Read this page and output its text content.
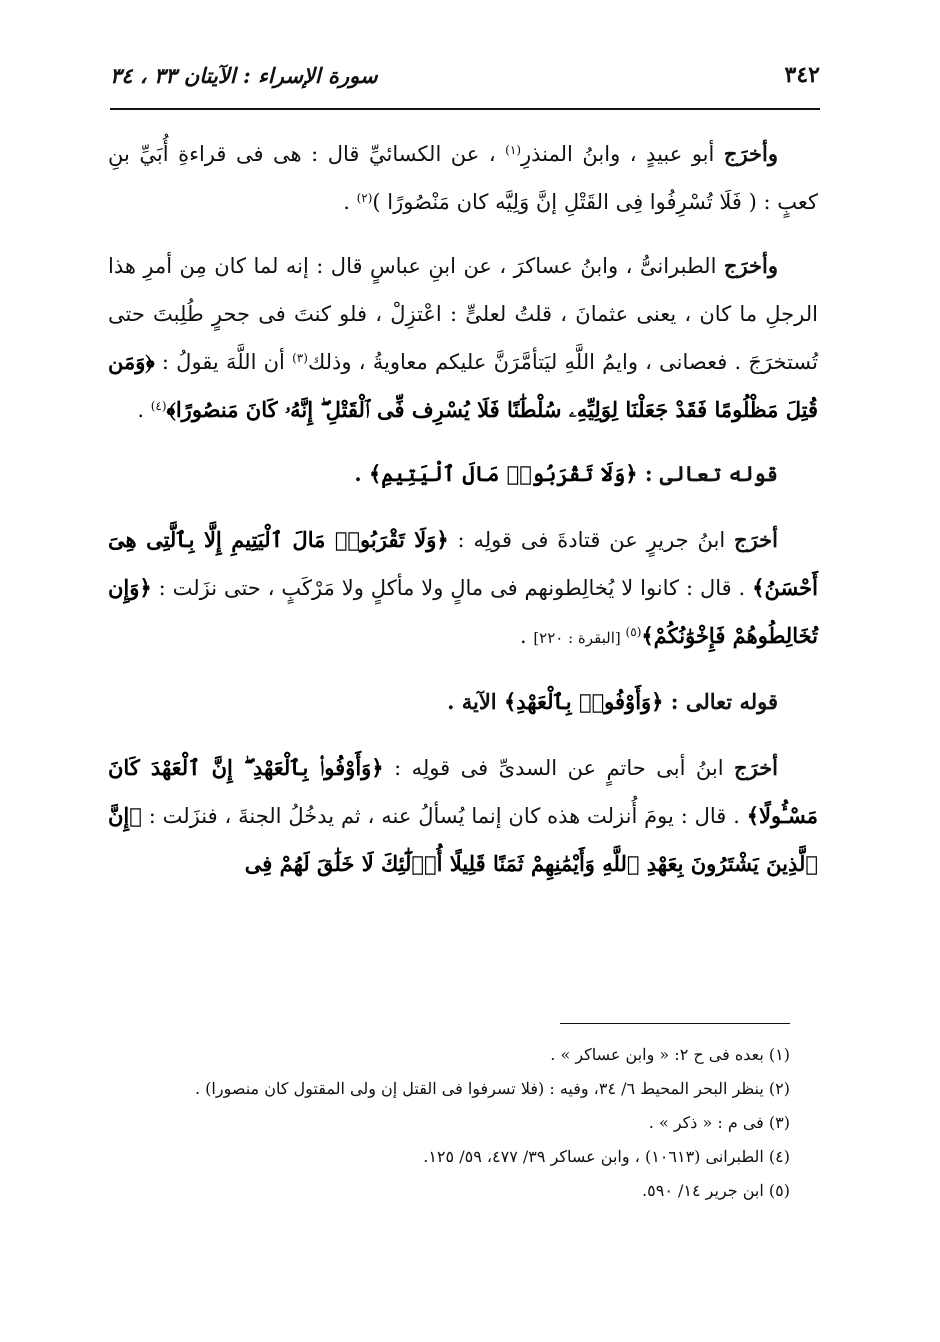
٣٤٢
سورة الإسراء : الآيتان ٣٣ ، ٣٤

وأخرَج أبو عبيدٍ ، وابنُ المنذرِ$^{(١)}$ ، عن الكسائيِّ قال : هى فى قراءةِ أُبَيِّ بنِ كعبٍ : ( فَلَا تُسْرِفُوا فِى القَتْلِ إنَّ وَلِيَّه كان مَنْصُورًا )$^{(٢)}$ .

وأخرَج الطبرانىُّ ، وابنُ عساكرَ ، عن ابنِ عباسٍ قال : إنه لما كان مِن أمرِ هذا الرجلِ ما كان ، يعنى عثمانَ ، قلتُ لعلىٍّ : اعْتزِلْ ، فلو كنتَ فى جحرٍ طُلِبتَ حتى تُستخرَجَ . فعصانى ، وايمُ اللَّهِ ليَتأمَّرَنَّ عليكم معاويةُ ، وذلك$^{(٣)}$ أن اللَّهَ يقولُ : ﴿وَمَن قُتِلَ مَظْلُومًا فَقَدْ جَعَلْنَا لِوَلِيِّهِۦ سُلْطَٰنًا فَلَا يُسْرِف فِّى ٱلْقَتْلِ ۖ إِنَّهُۥ كَانَ مَنصُورًا﴾$^{(٤)}$ .

قوله تعالى : ﴿وَلَا تَقْرَبُوا۟ مَالَ ٱلْيَتِيمِ﴾ .

أخرَج ابنُ جريرٍ عن قتادةَ فى قولِه : ﴿وَلَا تَقْرَبُوا۟ مَالَ ٱلْيَتِيمِ إِلَّا بِٱلَّتِى هِىَ أَحْسَنُ﴾ . قال : كانوا لا يُخالِطونهم فى مالٍ ولا مأكلٍ ولا مَرْكَبٍ ، حتى نزَلت : ﴿وَإِن تُخَالِطُوهُمْ فَإِخْوَٰنُكُمْ﴾$^{(٥)}$ [البقرة : ٢٢٠] .

قوله تعالى : ﴿وَأَوْفُوا۟ بِٱلْعَهْدِ﴾ الآية .

أخرَج ابنُ أبى حاتمٍ عن السدىِّ فى قولِه : ﴿وَأَوْفُوا۟ بِٱلْعَهْدِ ۖ إِنَّ ٱلْعَهْدَ كَانَ مَسْـُٔولًا﴾ . قال : يومَ أُنزلت هذه كان إنما يُسألُ عنه ، ثم يدخُلُ الجنةَ ، فنزَلت : ﴿إِنَّ ٱلَّذِينَ يَشْتَرُونَ بِعَهْدِ ٱللَّهِ وَأَيْمَٰنِهِمْ ثَمَنًا قَلِيلًا أُو۟لَٰٓئِكَ لَا خَلَٰقَ لَهُمْ فِى

(١) بعده فى ح ٢: « وابن عساكر » .
(٢) ينظر البحر المحيط ٦/ ٣٤، وفيه : (فلا تسرفوا فى القتل إن ولى المقتول كان منصورا) .
(٣) فى م : « ذكر » .
(٤) الطبرانى (١٠٦١٣) ، وابن عساكر ٣٩/ ٤٧٧، ٥٩/ ١٢٥.
(٥) ابن جرير ١٤/ ٥٩٠.
